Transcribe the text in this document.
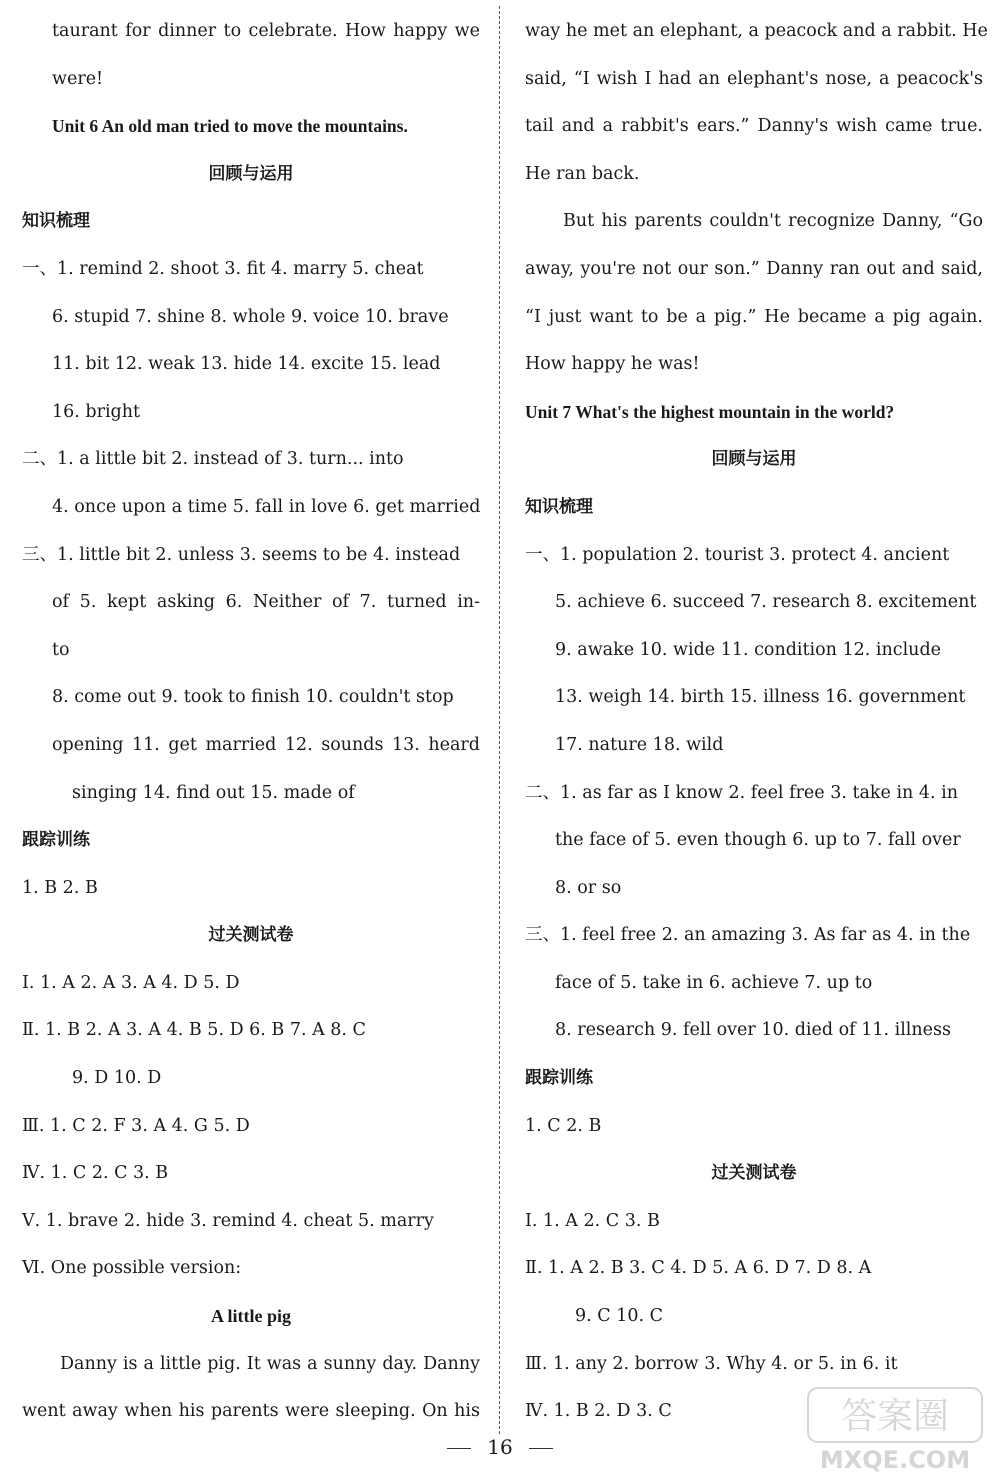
taurant for dinner to celebrate. How happy we
were!
Unit 6 An old man tried to move the mountains.
回顾与运用
知识梳理
一、1. remind 2. shoot 3. fit 4. marry 5. cheat
6. stupid 7. shine 8. whole 9. voice 10. brave
11. bit 12. weak 13. hide 14. excite 15. lead
16. bright
二、1. a little bit 2. instead of 3. turn... into
4. once upon a time 5. fall in love 6. get married
三、1. little bit 2. unless 3. seems to be 4. instead
of 5. kept asking 6. Neither of 7. turned in-
to
8. come out 9. took to finish 10. couldn't stop
opening 11. get married 12. sounds 13. heard
singing 14. find out 15. made of
跟踪训练
1. B 2. B
过关测试卷
Ⅰ. 1. A 2. A 3. A 4. D 5. D
Ⅱ. 1. B 2. A 3. A 4. B 5. D 6. B 7. A 8. C
9. D 10. D
Ⅲ. 1. C 2. F 3. A 4. G 5. D
Ⅳ. 1. C 2. C 3. B
Ⅴ. 1. brave 2. hide 3. remind 4. cheat 5. marry
Ⅵ. One possible version:
A little pig
Danny is a little pig. It was a sunny day. Danny
went away when his parents were sleeping. On his
way he met an elephant, a peacock and a rabbit. He
said, “I wish I had an elephant's nose, a peacock's
tail and a rabbit's ears.” Danny's wish came true.
He ran back.
But his parents couldn't recognize Danny, “Go
away, you're not our son.” Danny ran out and said,
“I just want to be a pig.” He became a pig again.
How happy he was!
Unit 7 What's the highest mountain in the world?
回顾与运用
知识梳理
一、1. population 2. tourist 3. protect 4. ancient
5. achieve 6. succeed 7. research 8. excitement
9. awake 10. wide 11. condition 12. include
13. weigh 14. birth 15. illness 16. government
17. nature 18. wild
二、1. as far as I know 2. feel free 3. take in 4. in
the face of 5. even though 6. up to 7. fall over
8. or so
三、1. feel free 2. an amazing 3. As far as 4. in the
face of 5. take in 6. achieve 7. up to
8. research 9. fell over 10. died of 11. illness
跟踪训练
1. C 2. B
过关测试卷
Ⅰ. 1. A 2. C 3. B
Ⅱ. 1. A 2. B 3. C 4. D 5. A 6. D 7. D 8. A
9. C 10. C
Ⅲ. 1. any 2. borrow 3. Why 4. or 5. in 6. it
Ⅳ. 1. B 2. D 3. C
16
答案圈
MXQE.COM
